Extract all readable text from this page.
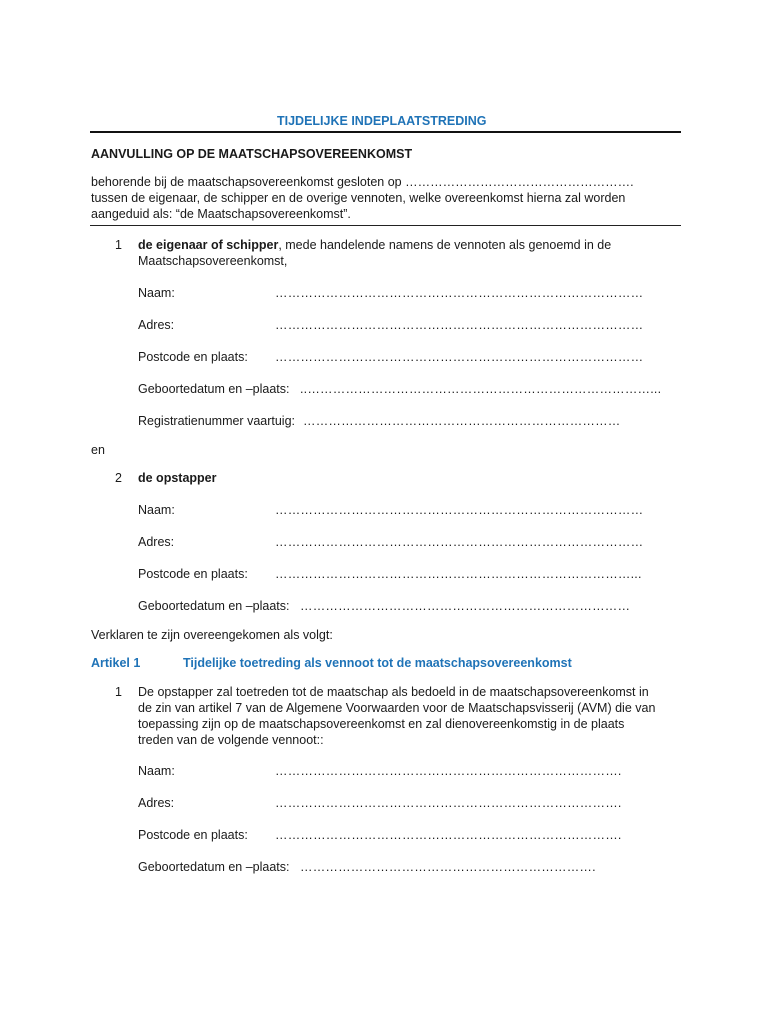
TIJDELIJKE INDEPLAATSTREDING
AANVULLING OP DE MAATSCHAPSOVEREENKOMST
behorende bij de maatschapsovereenkomst gesloten op ……………………………………………….
tussen de eigenaar, de schipper en de overige vennoten, welke overeenkomst hierna zal worden
aangeduid als: “de Maatschapsovereenkomst”.
1 de eigenaar of schipper, mede handelende namens de vennoten als genoemd in de
Maatschapsovereenkomst,
Naam:	……………………………………………………………………………
Adres:	……………………………………………………………………………
Postcode en plaats: ……………………………………………………………………………
Geboortedatum en –plaats: ..………………………………………………………………………...
Registratienummer vaartuig: …………………………………………………………………
en
2 de opstapper
Naam:	……………………………………………………………………………
Adres:	……………………………………………………………………………
Postcode en plaats: …………………………………………………………………………...
Geboortedatum en –plaats: ……………………………………………………………………
Verklaren te zijn overeengekomen als volgt:
Artikel 1	Tijdelijke toetreding als vennoot tot de maatschapsovereenkomst
1 De opstapper zal toetreden tot de maatschap als bedoeld in de maatschapsovereenkomst in
de zin van artikel 7 van de Algemene Voorwaarden voor de Maatschapsvisserij (AVM) die van
toepassing zijn op de maatschapsovereenkomst en zal dienovereenkomstig in de plaats
treden van de volgende vennoot::
Naam:	……………………………………………………………………….
Adres:	……………………………………………………………………….
Postcode en plaats: ……………………………………………………………………….
Geboortedatum en –plaats: …………………………………………………………….
